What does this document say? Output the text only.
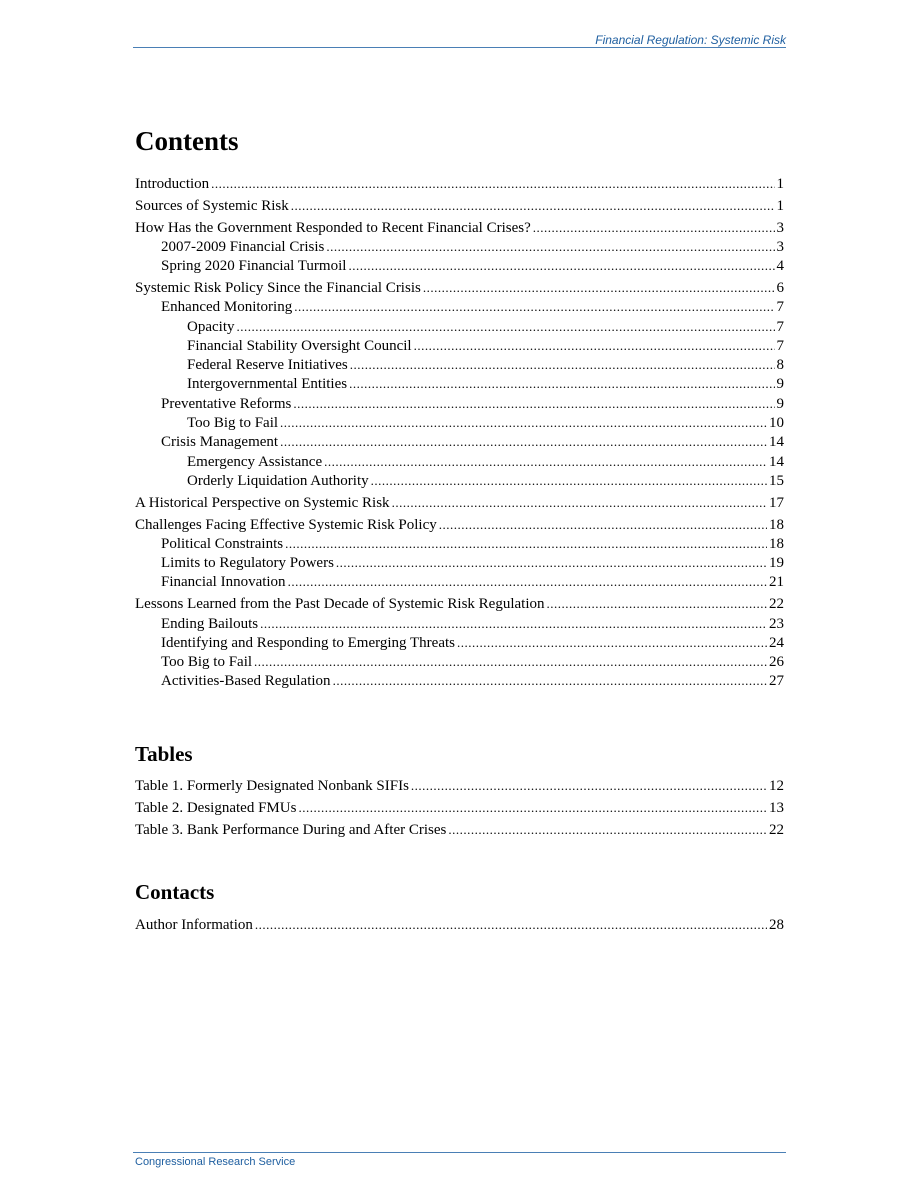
Financial Regulation: Systemic Risk
Contents
Introduction .....	1
Sources of Systemic Risk .....	1
How Has the Government Responded to Recent Financial Crises? .....	3
2007-2009 Financial Crisis .....	3
Spring 2020 Financial Turmoil .....	4
Systemic Risk Policy Since the Financial Crisis .....	6
Enhanced Monitoring .....	7
Opacity .....	7
Financial Stability Oversight Council .....	7
Federal Reserve Initiatives .....	8
Intergovernmental Entities .....	9
Preventative Reforms .....	9
Too Big to Fail .....	10
Crisis Management .....	14
Emergency Assistance .....	14
Orderly Liquidation Authority .....	15
A Historical Perspective on Systemic Risk .....	17
Challenges Facing Effective Systemic Risk Policy .....	18
Political Constraints .....	18
Limits to Regulatory Powers .....	19
Financial Innovation .....	21
Lessons Learned from the Past Decade of Systemic Risk Regulation .....	22
Ending Bailouts .....	23
Identifying and Responding to Emerging Threats .....	24
Too Big to Fail .....	26
Activities-Based Regulation .....	27
Tables
Table 1. Formerly Designated Nonbank SIFIs .....	12
Table 2. Designated FMUs .....	13
Table 3. Bank Performance During and After Crises .....	22
Contacts
Author Information .....	28
Congressional Research Service
